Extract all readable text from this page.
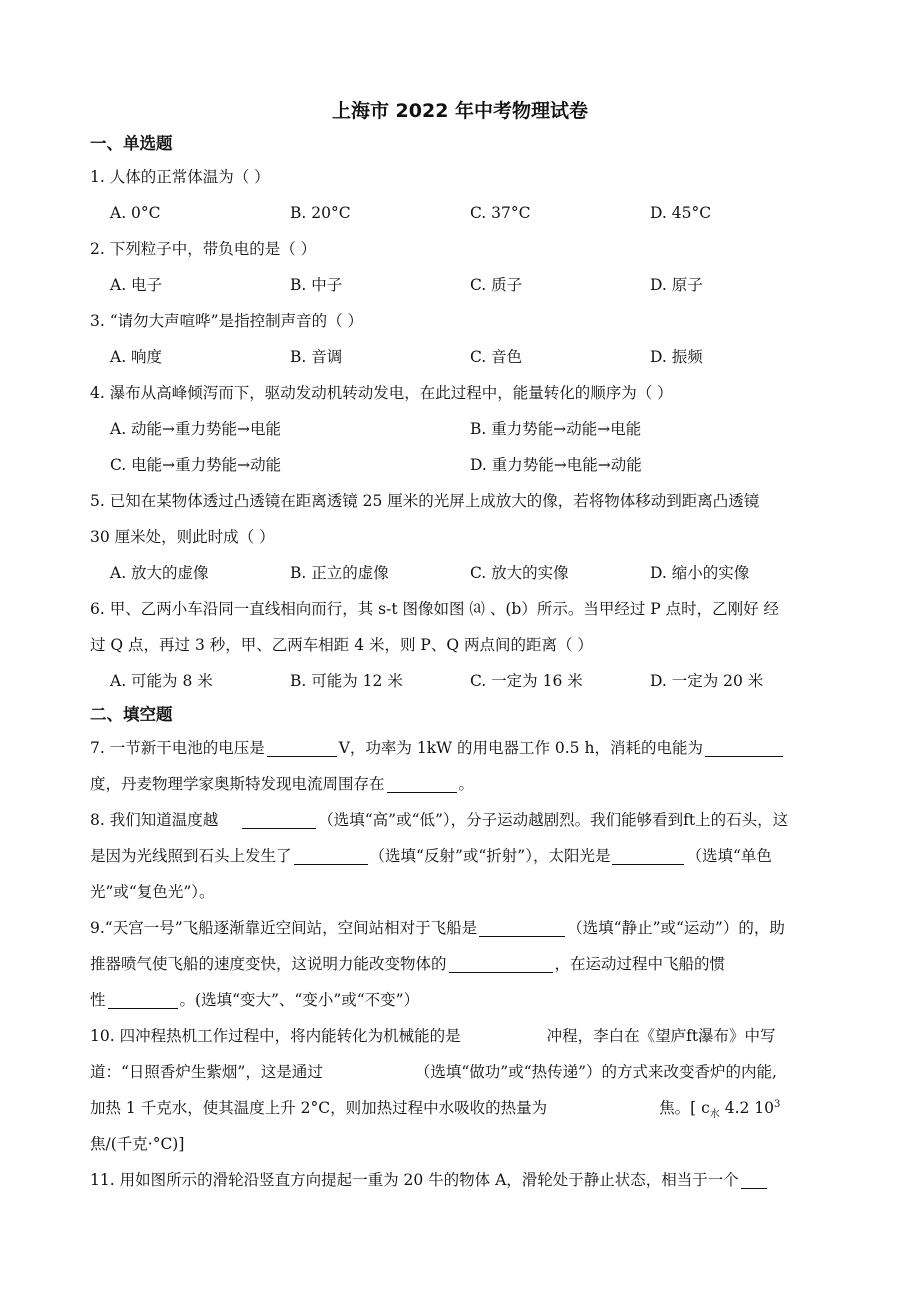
上海市 2022 年中考物理试卷
一、单选题
1. 人体的正常体温为（ ）
A. 0°C	B. 20°C	C. 37°C	D. 45°C
2. 下列粒子中，带负电的是（ ）
A. 电子	B. 中子	C. 质子	D. 原子
3. “请勿大声喧哗”是指控制声音的（ ）
A. 响度	B. 音调	C. 音色	D. 振频
4. 瀑布从高峰倾泻而下，驱动发动机转动发电，在此过程中，能量转化的顺序为（ ）
A. 动能→重力势能→电能	B. 重力势能→动能→电能
C. 电能→重力势能→动能	D. 重力势能→电能→动能
5. 已知在某物体透过凸透镜在距离透镜 25 厘米的光屏上成放大的像，若将物体移动到距离凸透镜
30 厘米处，则此时成（ ）
A. 放大的虚像	B. 正立的虚像	C. 放大的实像	D. 缩小的实像
6. 甲、乙两小车沿同一直线相向而行，其 s-t 图像如图 ⒜ 、(b）所示。当甲经过 P 点时，乙刚好 经
过 Q 点，再过 3 秒，甲、乙两车相距 4 米，则 P、Q 两点间的距离（ ）
A. 可能为 8 米	B. 可能为 12 米	C. 一定为 16 米	D. 一定为 20 米
二、填空题
7. 一节新干电池的电压是	V，功率为 1kW 的用电器工作 0.5 h，消耗的电能为
度，丹麦物理学家奥斯特发现电流周围存在	。
8. 我们知道温度越	（选填“高”或“低”），分子运动越剧烈。我们能够看到ft上的石头，这
是因为光线照到石头上发生了	（选填“反射”或“折射”），太阳光是	（选填“单色
光”或“复色光”）。
9.“天宫一号”飞船逐渐靠近空间站，空间站相对于飞船是	（选填“静止”或“运动”）的，助
推器喷气使飞船的速度变快，这说明力能改变物体的	，在运动过程中飞船的惯
性	。(选填“变大”、“变小”或“不变”）
10. 四冲程热机工作过程中，将内能转化为机械能的是	冲程，李白在《望庐ft瀑布》中写
道：“日照香炉生紫烟”，这是通过	（选填“做功”或“热传递”）的方式来改变香炉的内能,
加热 1 千克水，使其温度上升 2°C，则加热过程中水吸收的热量为	焦。[ $c_水$ 4.2 $10^3$
焦/(千克·°C)]
11. 用如图所示的滑轮沿竖直方向提起一重为 20 牛的物体 A，滑轮处于静止状态，相当于一个
